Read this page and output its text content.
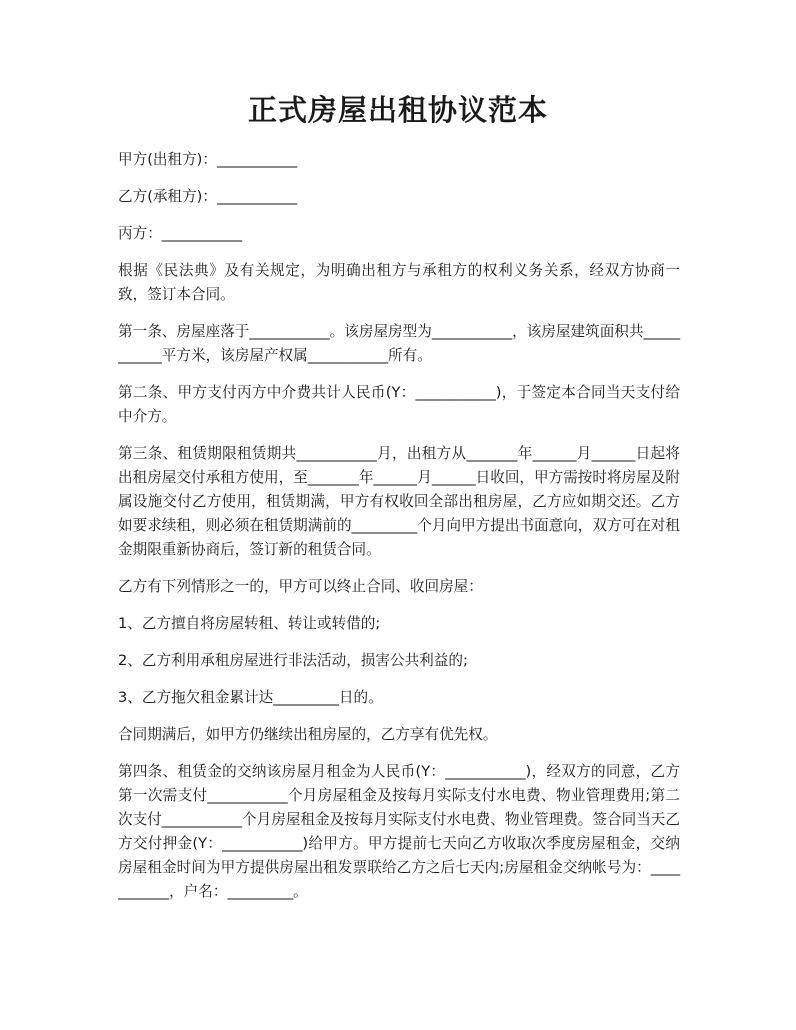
正式房屋出租协议范本

甲方(出租方)：___________

乙方(承租方)：___________

丙方：___________

根据《民法典》及有关规定，为明确出租方与承租方的权利义务关系，经双方协商一致，签订本合同。

第一条、房屋座落于___________。该房屋房型为___________，该房屋建筑面积共___________平方米，该房屋产权属___________所有。

第二条、甲方支付丙方中介费共计人民币(Y：___________)，于签定本合同当天支付给中介方。

第三条、租赁期限租赁期共___________月，出租方从_______年______月______日起将出租房屋交付承租方使用，至_______年______月______日收回，甲方需按时将房屋及附属设施交付乙方使用，租赁期满，甲方有权收回全部出租房屋，乙方应如期交还。乙方如要求续租，则必须在租赁期满前的_________个月向甲方提出书面意向，双方可在对租金期限重新协商后，签订新的租赁合同。

乙方有下列情形之一的，甲方可以终止合同、收回房屋：

1、乙方擅自将房屋转租、转让或转借的;

2、乙方利用承租房屋进行非法活动，损害公共利益的;

3、乙方拖欠租金累计达_________日的。

合同期满后，如甲方仍继续出租房屋的，乙方享有优先权。

第四条、租赁金的交纳该房屋月租金为人民币(Y：___________)，经双方的同意，乙方第一次需支付___________个月房屋租金及按每月实际支付水电费、物业管理费用;第二次支付___________个月房屋租金及按每月实际支付水电费、物业管理费。签合同当天乙方交付押金(Y：___________)给甲方。甲方提前七天向乙方收取次季度房屋租金，交纳房屋租金时间为甲方提供房屋出租发票联给乙方之后七天内;房屋租金交纳帐号为：___________，户名：_________。
